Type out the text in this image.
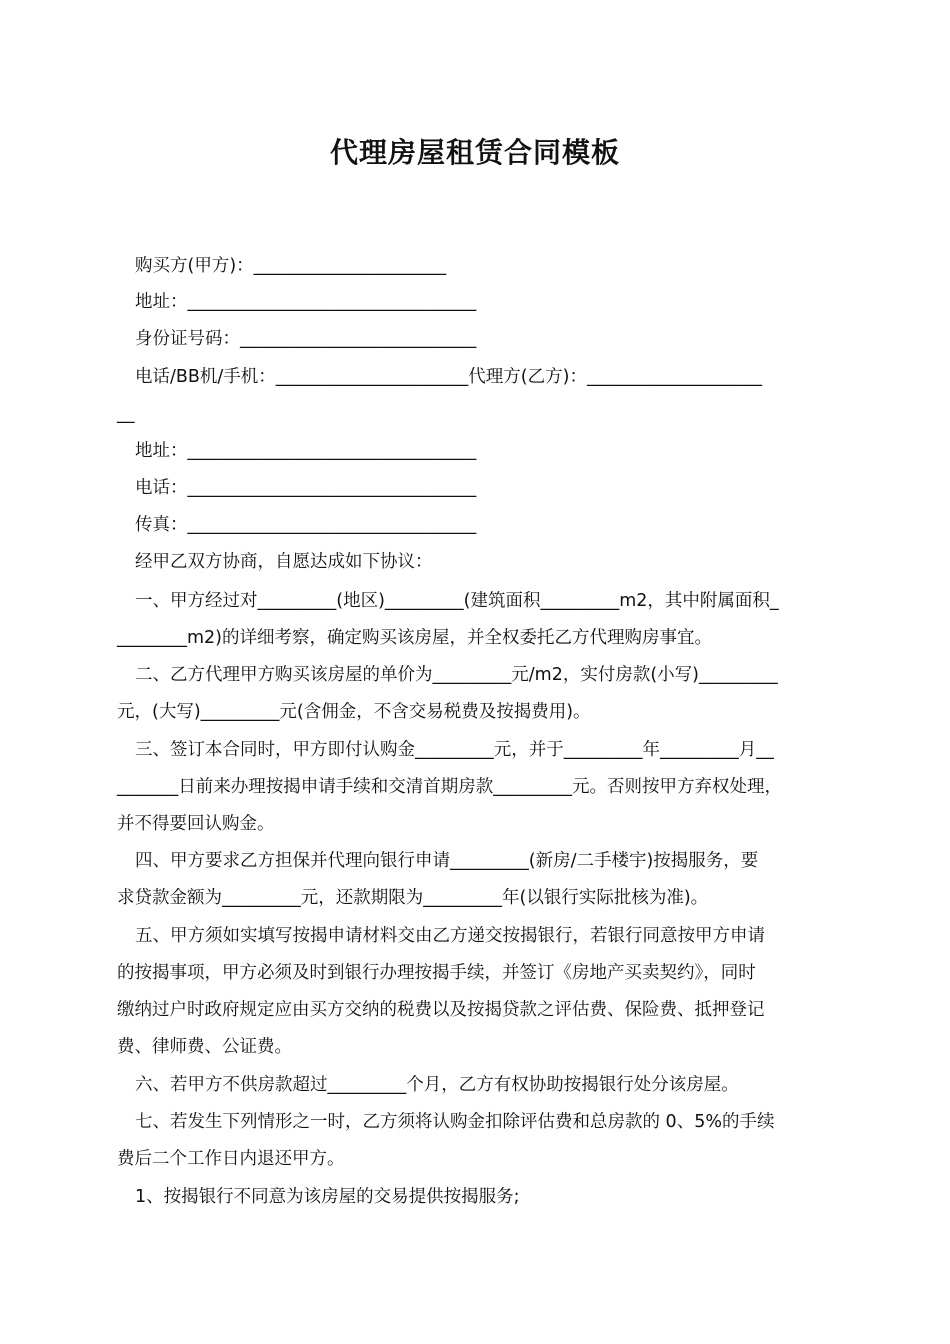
代理房屋租赁合同模板
购买方(甲方)：______________________
地址：_________________________________
身份证号码：___________________________
电话/BB机/手机：______________________代理方(乙方)：____________________
__
地址：_________________________________
电话：_________________________________
传真：_________________________________
经甲乙双方协商，自愿达成如下协议：
一、甲方经过对_________(地区)_________(建筑面积_________m2，其中附属面积_
________m2)的详细考察，确定购买该房屋，并全权委托乙方代理购房事宜。
二、乙方代理甲方购买该房屋的单价为_________元/m2，实付房款(小写)_________
元，(大写)_________元(含佣金，不含交易税费及按揭费用)。
三、签订本合同时，甲方即付认购金_________元，并于_________年_________月__
_______日前来办理按揭申请手续和交清首期房款_________元。否则按甲方弃权处理，
并不得要回认购金。
四、甲方要求乙方担保并代理向银行申请_________(新房/二手楼宇)按揭服务，要
求贷款金额为_________元，还款期限为_________年(以银行实际批核为准)。
五、甲方须如实填写按揭申请材料交由乙方递交按揭银行，若银行同意按甲方申请
的按揭事项，甲方必须及时到银行办理按揭手续，并签订《房地产买卖契约》，同时
缴纳过户时政府规定应由买方交纳的税费以及按揭贷款之评估费、保险费、抵押登记
费、律师费、公证费。
六、若甲方不供房款超过_________个月，乙方有权协助按揭银行处分该房屋。
七、若发生下列情形之一时，乙方须将认购金扣除评估费和总房款的 0、5%的手续
费后二个工作日内退还甲方。
1、按揭银行不同意为该房屋的交易提供按揭服务;
